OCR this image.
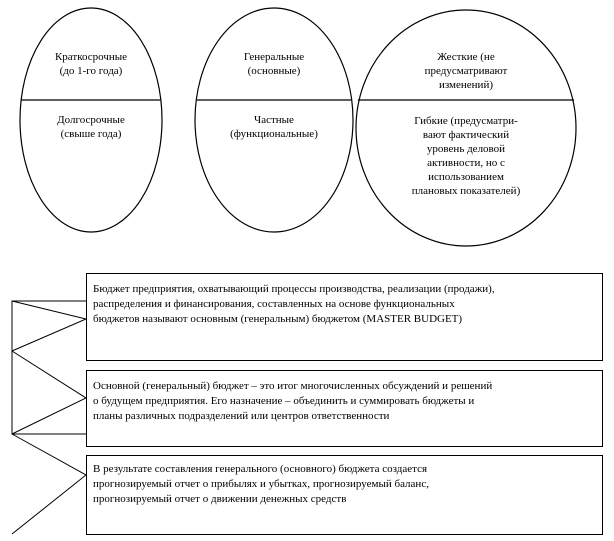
Краткосрочные
(до 1-го года)
Долгосрочные
(свыше года)
Генеральные
(основные)
Частные
(функциональные)
Жесткие (не
предусматривают
изменений)
Гибкие (предусматри-
вают фактический
уровень деловой
активности, но с
использованием
плановых показателей)
Бюджет предприятия, охватывающий процессы производства, реализации (продажи),
распределения и финансирования, составленных на основе функциональных
бюджетов называют основным (генеральным) бюджетом (MASTER BUDGET)
Основной (генеральный) бюджет – это итог многочисленных обсуждений и решений
о будущем предприятия. Его назначение – объединить и суммировать бюджеты и
планы различных подразделений или центров ответственности
В результате составления генерального (основного) бюджета создается
прогнозируемый отчет о прибылях и убытках, прогнозируемый баланс,
прогнозируемый отчет о движении денежных средств
